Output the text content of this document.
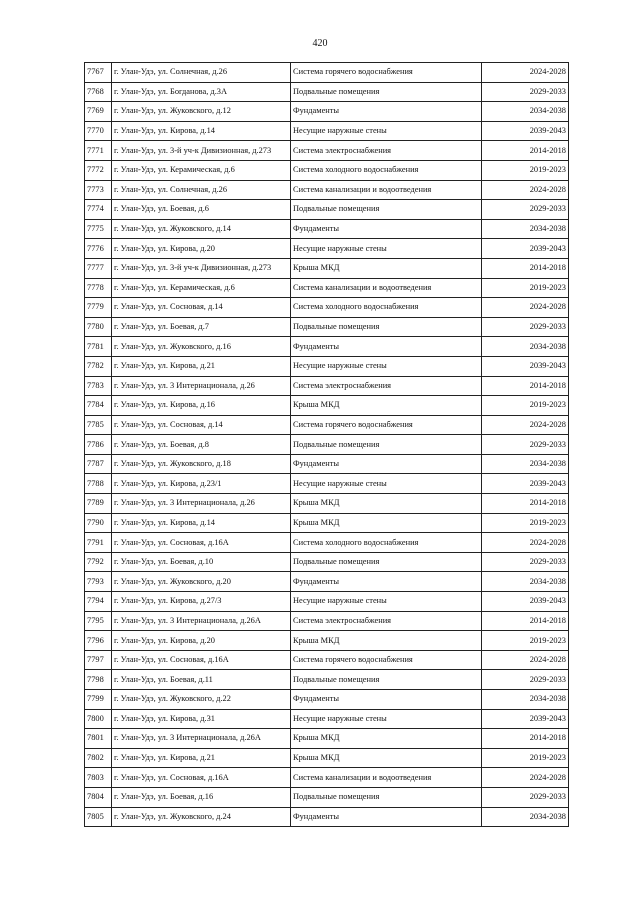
420
7767	г. Улан-Удэ, ул. Солнечная, д.26	Система горячего водоснабжения	2024-2028
7768	г. Улан-Удэ, ул. Богданова, д.3А	Подвальные помещения	2029-2033
7769	г. Улан-Удэ, ул. Жуковского, д.12	Фундаменты	2034-2038
7770	г. Улан-Удэ, ул. Кирова, д.14	Несущие наружные стены	2039-2043
7771	г. Улан-Удэ, ул. 3-й уч-к Дивизионная, д.273	Система электроснабжения	2014-2018
7772	г. Улан-Удэ, ул. Керамическая, д.6	Система холодного водоснабжения	2019-2023
7773	г. Улан-Удэ, ул. Солнечная, д.26	Система канализации и водоотведения	2024-2028
7774	г. Улан-Удэ, ул. Боевая, д.6	Подвальные помещения	2029-2033
7775	г. Улан-Удэ, ул. Жуковского, д.14	Фундаменты	2034-2038
7776	г. Улан-Удэ, ул. Кирова, д.20	Несущие наружные стены	2039-2043
7777	г. Улан-Удэ, ул. 3-й уч-к Дивизионная, д.273	Крыша МКД	2014-2018
7778	г. Улан-Удэ, ул. Керамическая, д.6	Система канализации и водоотведения	2019-2023
7779	г. Улан-Удэ, ул. Сосновая, д.14	Система холодного водоснабжения	2024-2028
7780	г. Улан-Удэ, ул. Боевая, д.7	Подвальные помещения	2029-2033
7781	г. Улан-Удэ, ул. Жуковского, д.16	Фундаменты	2034-2038
7782	г. Улан-Удэ, ул. Кирова, д.21	Несущие наружные стены	2039-2043
7783	г. Улан-Удэ, ул. 3 Интернационала, д.26	Система электроснабжения	2014-2018
7784	г. Улан-Удэ, ул. Кирова, д.16	Крыша МКД	2019-2023
7785	г. Улан-Удэ, ул. Сосновая, д.14	Система горячего водоснабжения	2024-2028
7786	г. Улан-Удэ, ул. Боевая, д.8	Подвальные помещения	2029-2033
7787	г. Улан-Удэ, ул. Жуковского, д.18	Фундаменты	2034-2038
7788	г. Улан-Удэ, ул. Кирова, д.23/1	Несущие наружные стены	2039-2043
7789	г. Улан-Удэ, ул. 3 Интернационала, д.26	Крыша МКД	2014-2018
7790	г. Улан-Удэ, ул. Кирова, д.14	Крыша МКД	2019-2023
7791	г. Улан-Удэ, ул. Сосновая, д.16А	Система холодного водоснабжения	2024-2028
7792	г. Улан-Удэ, ул. Боевая, д.10	Подвальные помещения	2029-2033
7793	г. Улан-Удэ, ул. Жуковского, д.20	Фундаменты	2034-2038
7794	г. Улан-Удэ, ул. Кирова, д.27/3	Несущие наружные стены	2039-2043
7795	г. Улан-Удэ, ул. 3 Интернационала, д.26А	Система электроснабжения	2014-2018
7796	г. Улан-Удэ, ул. Кирова, д.20	Крыша МКД	2019-2023
7797	г. Улан-Удэ, ул. Сосновая, д.16А	Система горячего водоснабжения	2024-2028
7798	г. Улан-Удэ, ул. Боевая, д.11	Подвальные помещения	2029-2033
7799	г. Улан-Удэ, ул. Жуковского, д.22	Фундаменты	2034-2038
7800	г. Улан-Удэ, ул. Кирова, д.31	Несущие наружные стены	2039-2043
7801	г. Улан-Удэ, ул. 3 Интернационала, д.26А	Крыша МКД	2014-2018
7802	г. Улан-Удэ, ул. Кирова, д.21	Крыша МКД	2019-2023
7803	г. Улан-Удэ, ул. Сосновая, д.16А	Система канализации и водоотведения	2024-2028
7804	г. Улан-Удэ, ул. Боевая, д.16	Подвальные помещения	2029-2033
7805	г. Улан-Удэ, ул. Жуковского, д.24	Фундаменты	2034-2038
